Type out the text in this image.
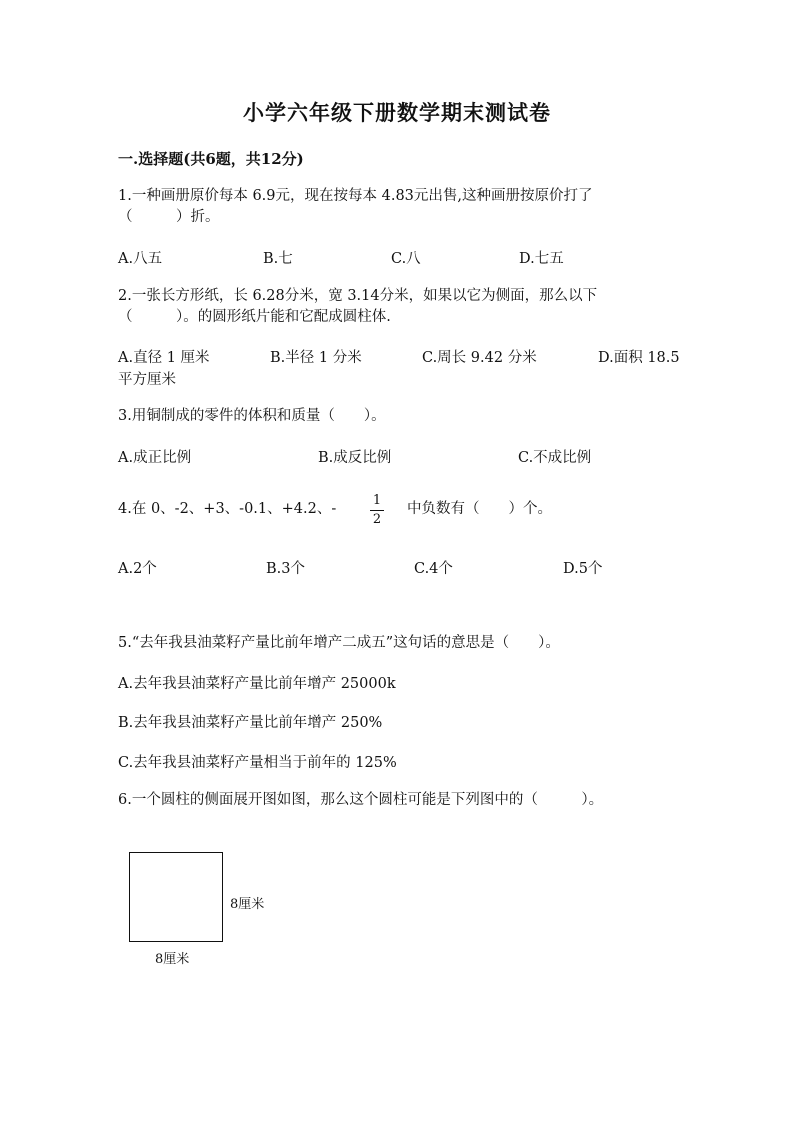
小学六年级下册数学期末测试卷
一.选择题(共6题，共12分)
1.一种画册原价每本 6.9元，现在按每本 4.83元出售,这种画册按原价打了
（　　　）折。
A.八五	B.七	C.八	D.七五
2.一张长方形纸，长 6.28分米，宽 3.14分米，如果以它为侧面，那么以下
（　　　）。的圆形纸片能和它配成圆柱体.
A.直径 1 厘米	B.半径 1 分米	C.周长 9.42 分米	D.面积 18.5
平方厘米
3.用铜制成的零件的体积和质量（　　）。
A.成正比例	B.成反比例	C.不成比例
4.在 0、-2、+3、-0.1、+4.2、-
1
2
中负数有（　　）个。
A.2个	B.3个	C.4个	D.5个
5.“去年我县油菜籽产量比前年增产二成五”这句话的意思是（　　）。
A.去年我县油菜籽产量比前年增产 25000k
B.去年我县油菜籽产量比前年增产 250%
C.去年我县油菜籽产量相当于前年的 125%
6.一个圆柱的侧面展开图如图，那么这个圆柱可能是下列图中的（　　　）。
8厘米
8厘米
